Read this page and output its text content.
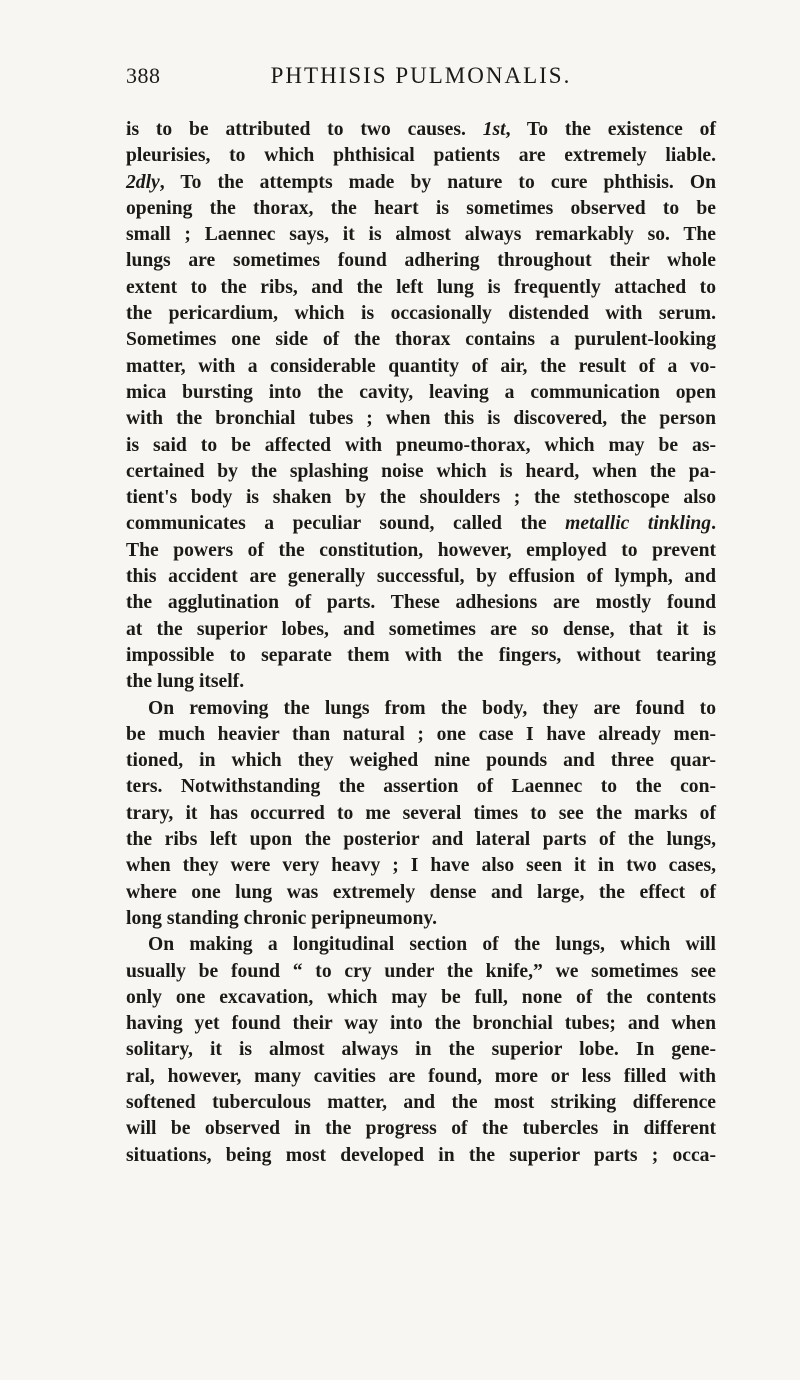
388	PHTHISIS PULMONALIS.
is to be attributed to two causes. 1st, To the existence of
pleurisies, to which phthisical patients are extremely liable.
2dly, To the attempts made by nature to cure phthisis. On
opening the thorax, the heart is sometimes observed to be
small ; Laennec says, it is almost always remarkably so. The
lungs are sometimes found adhering throughout their whole
extent to the ribs, and the left lung is frequently attached to
the pericardium, which is occasionally distended with serum.
Sometimes one side of the thorax contains a purulent-looking
matter, with a considerable quantity of air, the result of a vo-
mica bursting into the cavity, leaving a communication open
with the bronchial tubes ; when this is discovered, the person
is said to be affected with pneumo-thorax, which may be as-
certained by the splashing noise which is heard, when the pa-
tient's body is shaken by the shoulders ; the stethoscope also
communicates a peculiar sound, called the metallic tinkling.
The powers of the constitution, however, employed to prevent
this accident are generally successful, by effusion of lymph, and
the agglutination of parts. These adhesions are mostly found
at the superior lobes, and sometimes are so dense, that it is
impossible to separate them with the fingers, without tearing
the lung itself.
On removing the lungs from the body, they are found to
be much heavier than natural ; one case I have already men-
tioned, in which they weighed nine pounds and three quar-
ters. Notwithstanding the assertion of Laennec to the con-
trary, it has occurred to me several times to see the marks of
the ribs left upon the posterior and lateral parts of the lungs,
when they were very heavy ; I have also seen it in two cases,
where one lung was extremely dense and large, the effect of
long standing chronic peripneumony.
On making a longitudinal section of the lungs, which will
usually be found “ to cry under the knife,” we sometimes see
only one excavation, which may be full, none of the contents
having yet found their way into the bronchial tubes; and when
solitary, it is almost always in the superior lobe. In gene-
ral, however, many cavities are found, more or less filled with
softened tuberculous matter, and the most striking difference
will be observed in the progress of the tubercles in different
situations, being most developed in the superior parts ; occa-
